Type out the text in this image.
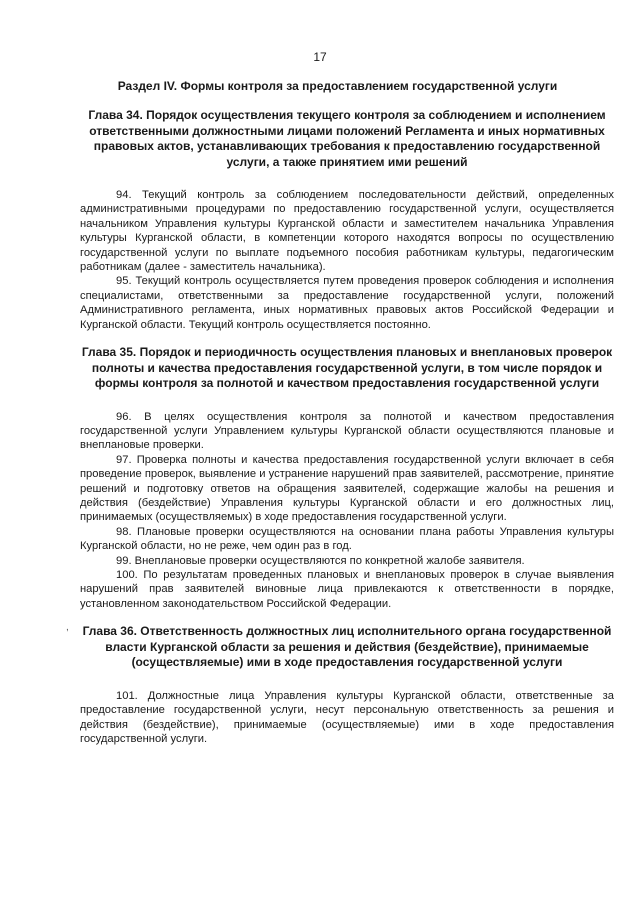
17
Раздел IV. Формы контроля за предоставлением государственной услуги
Глава 34. Порядок осуществления текущего контроля за соблюдением и исполнением ответственными должностными лицами положений Регламента и иных нормативных правовых актов, устанавливающих требования к предоставлению государственной услуги, а также принятием ими решений

94. Текущий контроль за соблюдением последовательности действий, определенных административными процедурами по предоставлению государственной услуги, осуществляется начальником Управления культуры Курганской области и заместителем начальника Управления культуры Курганской области, в компетенции которого находятся вопросы по осуществлению государственной услуги по выплате подъемного пособия работникам культуры, педагогическим работникам (далее - заместитель начальника).

95. Текущий контроль осуществляется путем проведения проверок соблюдения и исполнения специалистами, ответственными за предоставление государственной услуги, положений Административного регламента, иных нормативных правовых актов Российской Федерации и Курганской области. Текущий контроль осуществляется постоянно.

Глава 35. Порядок и периодичность осуществления плановых и внеплановых проверок полноты и качества предоставления государственной услуги, в том числе порядок и формы контроля за полнотой и качеством предоставления государственной услуги

96. В целях осуществления контроля за полнотой и качеством предоставления государственной услуги Управлением культуры Курганской области осуществляются плановые и внеплановые проверки.

97. Проверка полноты и качества предоставления государственной услуги включает в себя проведение проверок, выявление и устранение нарушений прав заявителей, рассмотрение, принятие решений и подготовку ответов на обращения заявителей, содержащие жалобы на решения и действия (бездействие) Управления культуры Курганской области и его должностных лиц, принимаемых (осуществляемых) в ходе предоставления государственной услуги.

98. Плановые проверки осуществляются на основании плана работы Управления культуры Курганской области, но не реже, чем один раз в год.

99. Внеплановые проверки осуществляются по конкретной жалобе заявителя.

100. По результатам проведенных плановых и внеплановых проверок в случае выявления нарушений прав заявителей виновные лица привлекаются к ответственности в порядке, установленном законодательством Российской Федерации.

Глава 36. Ответственность должностных лиц исполнительного органа государственной власти Курганской области за решения и действия (бездействие), принимаемые (осуществляемые) ими в ходе предоставления государственной услуги

101. Должностные лица Управления культуры Курганской области, ответственные за предоставление государственной услуги, несут персональную ответственность за решения и действия (бездействие), принимаемые (осуществляемые) ими в ходе предоставления государственной услуги.

,
